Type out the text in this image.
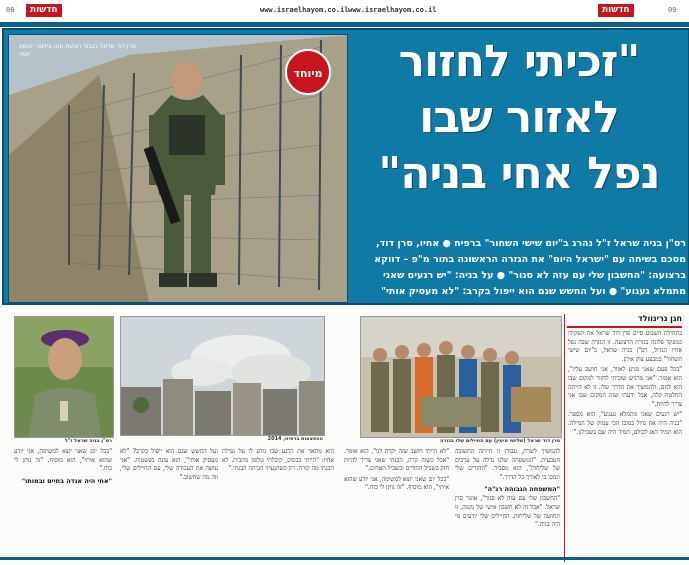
08	חדשות	www.israelhayom.co.il www.israelhayom.co.il	חדשות	09
מיוחד
סרן דוד שראל בגבול רצועת עזה צילום: יהושע יוסף	"זכיתי לחזור
לאזור שבו
נפל אחי בניה"
רס"ן בניה שראל ז"ל נהרג ב"יום שישי השחור" ברפיח ● אחיו, סרן דוד, מסכם בשיחה עם "ישראל היום" את הגזרה הראשונה בתור מ"פ – דווקא ברצועה: "החשבון שלי עם עזה לא סגור" ● על בניה: "יש רגעים שאני מתמלא געגוע" ● ועל החשש שגם הוא ייפול בקרב: "לא מעסיק אותי"
חגן גרינוולד

בתחילת השבוע סיים סרן דוד שראל את תפקידו כמפקד פלוגה בגזרת הרצועה. זו הגזרה שבה נפל אחיו הגדול, רס"ן בניה שראל, ב"יום שישי השחור" במבצע צוק איתן.

"בכל פעם שאני מגיע לאזור, אני חושב עליו", הוא אומר. "אני מרגיש שזכיתי לחזור למקום שבו הוא לחם, ולהמשיך את הדרך שלו. זו לא הייתה החלטה קלה, אבל ידעתי שזה המקום שבו אני צריך להיות."

"יש רגעים שאני מתמלא געגוע", הוא מספר. "בניה היה אח גדול במובן הכי עמוק של המילה. הוא תמיד דאג לכולם, תמיד היה שם בשבילנו."

סרן דוד שראל (שלישי מימין) עם החיילים שלו בגזרה

להמשיך לשרת, עבורו זו הייתה התשובה הטבעית. "המשפחה שלנו גדלה על ערכים של שליחות", הוא מסביר. "ההורים שלי תמכו בי לאורך כל הדרך."

"המשפחה הגבוהה רנ"ה"

"החשבון שלי עם עזה לא סגור", אומר סרן שראל. "אבל זה לא חשבון אישי של נקמה, זו תחושה של שליחות. החיילים שלי יודעים מי היה בניה."

"לא הייתי חושב שזה יקרה לנו", הוא אומר. "אבל כשזה קרה, הבנתי שאני צריך להיות חזק בשביל ההורים ובשביל האחים."

"בכל יום שאני יוצא למשימה, אני יודע שהוא איתי", הוא מוסיף. "זה נותן לי כוח."

ההפצצות ברפיח, 2014

הוא מתאר את הרגע שבו נודע לו על נפילת אחיו: "הייתי בבסיס, קיבלתי טלפון מהבית. לא הבנתי מה קורה. רק כשהגעתי הביתה הבנתי."

ועל החשש שגם הוא ייפול בקרב? "לא מעסיק אותי", הוא עונה בפשטות. "אני עושה את העבודה שלי, עם החיילים שלי, וזה מה שחשוב."

רס"ן בניה שראל ז"ל

"בכל יום שאני יוצא למשימה, אני יודע שהוא איתי", הוא מוסיף. "זה נותן לי כוח."

"אחי היה אגדה בחיים ובמותו"
